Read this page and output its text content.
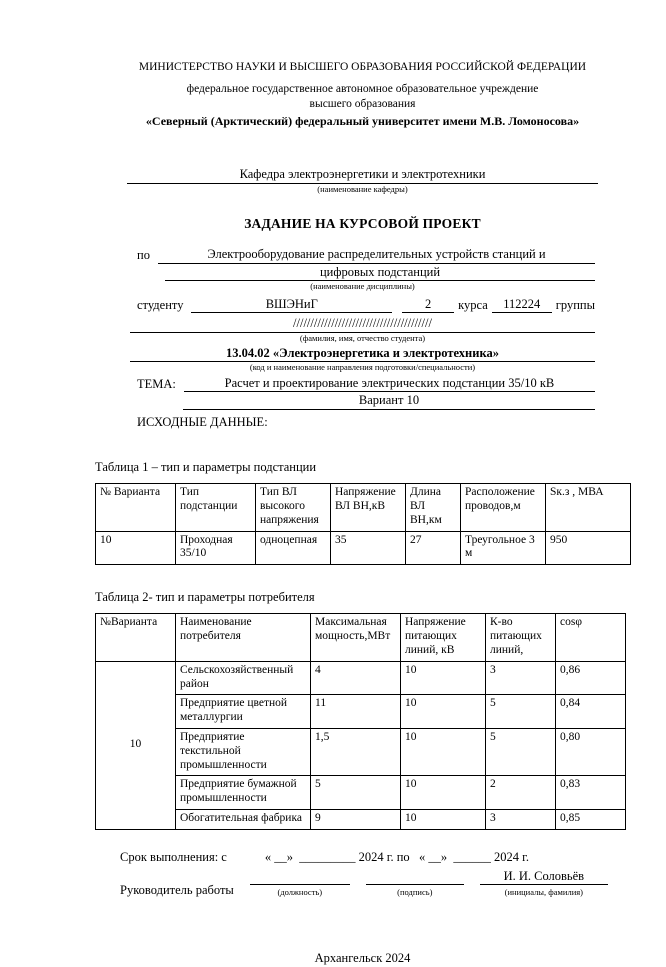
МИНИСТЕРСТВО НАУКИ И ВЫСШЕГО ОБРАЗОВАНИЯ РОССИЙСКОЙ ФЕДЕРАЦИИ
федеральное государственное автономное образовательное учреждение
высшего образования
«Северный (Арктический) федеральный университет имени М.В. Ломоносова»
Кафедра электроэнергетики и электротехники
(наименование кафедры)
ЗАДАНИЕ НА КУРСОВОЙ ПРОЕКТ
по	Электрооборудование распределительных устройств станций и
цифровых подстанций
(наименование дисциплины)
студенту	ВШЭНиГ	2	курса	112224	группы
////////////////////////////////////////
(фамилия, имя, отчество студента)
13.04.02 «Электроэнергетика и электротехника»
(код и наименование направления подготовки/специальности)
ТЕМА:	Расчет и проектирование электрических подстанции 35/10 кВ
Вариант 10
ИСХОДНЫЕ ДАННЫЕ:
Таблица 1 – тип и параметры подстанции
№ Варианта	Тип подстанции	Тип ВЛ высокого напряжения	Напряжение ВЛ ВН,кВ	Длина ВЛ ВН,км	Расположение проводов,м	Sк.з , МВА
10	Проходная 35/10	одноцепная	35	27	Треугольное 3 м	950
Таблица 2- тип и параметры потребителя
№Варианта	Наименование потребителя	Максимальная мощность,МВт	Напряжение питающих линий, кВ	К-во питающих линий,	cosφ
10	Сельскохозяйственный район	4	10	3	0,86
	Предприятие цветной металлургии	11	10	5	0,84
	Предприятие текстильной промышленности	1,5	10	5	0,80
	Предприятие бумажной промышленности	5	10	2	0,83
	Обогатительная фабрика	9	10	3	0,85
Срок выполнения: с	« __»  _________ 2024 г. по   « __»  ______ 2024 г.
Руководитель работы
	(должность)
	(подпись)
И. И. Соловьёв
(инициалы, фамилия)
Архангельск 2024
